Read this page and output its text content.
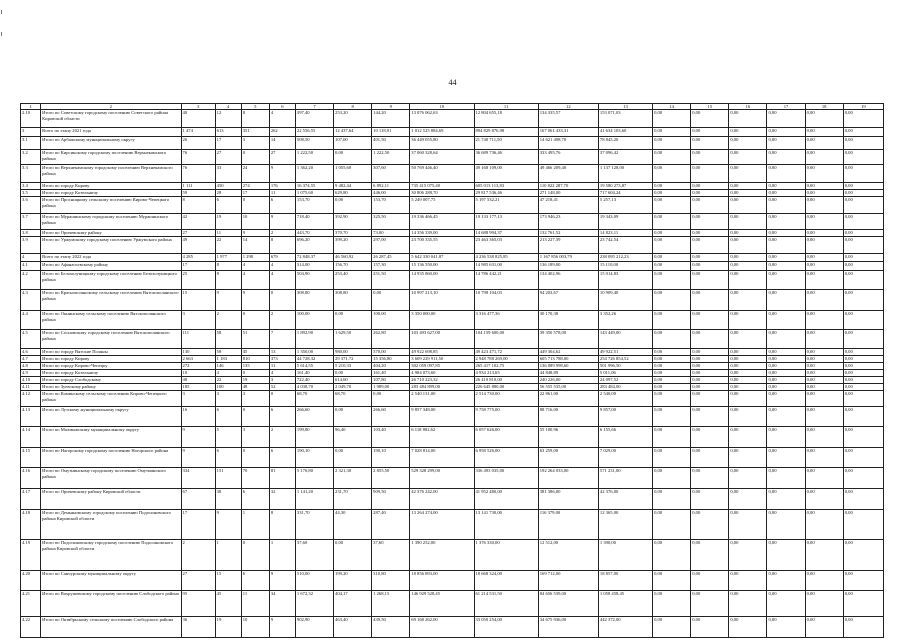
44
1	2	3	4	5	6	7	8	9	10	11	12	13	14	15	16	17	18	19
2.10	Итого по Советскому городскому поселению Советского района Кировской области	40	12	8	4	397,40	253,20	144,20	13 076 062,63	12 804 655,18	134 335,57	153 071,03	0,00	0,00	0,00	0,00	0,00	0,00
3	Всего по этапу 2021 года	1 474	613	351	262	22 556,55	12 437,64	10 118,91	1 012 525 884,69	894 829 876,98	167 061 433,31	41 634 103,60	0,00	0,00	0,00	0,00	0,00	0,00
3.1	Итого по Арбажскому муниципальному округу	26	17	3	14	508,50	107,00	401,50	36 449 055,80	21 740 711,50	14 621 498,70	78 845,20	0,00	0,00	0,00	0,00	0,00	0,00
3.2	Итого по Кирсинскому городскому поселению Верхнекамского района	76	27	0	27	1 222,50	0,00	1 222,50	37 060 328,64	36 689 736,46	333 495,76	37 096,42	0,00	0,00	0,00	0,00	0,00	0,00
3.3	Итого по Верхнекамскому городскому поселению Верхнекамского района	76	33	24	9	1 362,20	1 055,60	307,60	50 769 446,40	49 168 109,00	49 466 209,40	1 137 128,00	0,00	0,00	0,00	0,00	0,00	0,00
3.4	Итого по городу Кирову	1 111	450	274	176	16 374,55	9 482,44	6 892,11	735 415 075,40	605 013 113,83	110 822 287,70	19 580 273,87	0,00	0,00	0,00	0,00	0,00	0,00
3.5	Итого по городу Котельничу	59	28	17	11	1 075,60	629,80	446,00	30 806 288,70	29 817 536,46	271 148,00	717 604,24	0,00	0,00	0,00	0,00	0,00	0,00
3.6	Итого по Просницкому сельскому поселению Кирово-Чепецкого района	8	6	0	6	153,70	0,00	153,70	5 249 007,75	5 197 532,21	47 218,41	5 257,13	0,00	0,00	0,00	0,00	0,00	0,00
3.7	Итого по Мурашинскому городскому поселению Мурашинского района	42	19	10	9	718,40	392,90	325,50	19 336 466,45	19 133 177,13	173 946,23	19 343,09	0,00	0,00	0,00	0,00	0,00	0,00
3.8	Итого по Оричевскому району	27	11	9	2	443,70	370,70	73,00	14 356 339,00	14 688 994,37	132 761,52	14 823,11	0,00	0,00	0,00	0,00	0,00	0,00
3.9	Итого по Уржумскому городскому поселению Уржумского района	49	22	14	8	696,20	399,20	297,00	23 700 335,55	23 463 365,03	213 227,39	23 742,54	0,00	0,00	0,00	0,00	0,00	0,00
4	Всего по этапу 2022 года	4 285	1 977	1 298	679	72 848,37	46 560,92	26 287,45	5 642 330 041,87	4 236 538 825,85	1 167 856 003,79	238 095 212,23	0,00	0,00	0,00	0,00	0,00	0,00
4.1	Итого по Афанасьевскому району	17	8	4	4	314,00	156,70	157,30	15 136 550,00	14 985 631,00	136 189,00	15 110,00	0,00	0,00	0,00	0,00	0,00	0,00
4.2	Итого по Белохолуницкому городскому поселению Белохолуницкого района	25	8	4	4	504,90	253,40	251,50	14 935 860,00	14 786 442,21	134 402,96	15 014,83	0,00	0,00	0,00	0,00	0,00	0,00
4.3	Итого по Краснополянскому сельскому поселению Вятскополянского района	15	9	9	0	308,80	308,80	0,00	10 997 213,10	10 798 104,03	94 203,67	10 909,40	0,00	0,00	0,00	0,00	0,00	0,00
4.4	Итого по Окнинскому сельскому поселению Вятскополянского района	3	2	0	2	100,00	0,00	100,00	3 350 000,00	3 316 477,36	30 170,38	3 352,26	0,00	0,00	0,00	0,00	0,00	0,00
4.5	Итого по Сосновскому городскому поселению Вятскополянского района	111	58	51	7	1 892,90	1 629,50	262,80	103 493 627,00	104 159 600,00	39 350 578,00	143 449,00	0,00	0,00	0,00	0,00	0,00	0,00
4.6	Итого по городу Вятские Поляны	130	58	45	13	1 350,00	980,00	370,00	49 922 698,85	49 423 471,72	449 304,62	49 922,51	0,00	0,00	0,00	0,00	0,00	0,00
4.7	Итого по городу Кирову	2 663	1 183	810	373	44 728,32	29 371,72	15 356,80	3 609 229 911,50	2 948 788 269,00	605 713 788,00	254 726 854,52	0,00	0,00	0,00	0,00	0,00	0,00
4.8	Итого по городу Кирово-Чепецку	272	146	135	11	5 614,55	5 210,33	404,20	302 059 097,85	265 417 102,75	136 089 998,60	501 996,50	0,00	0,00	0,00	0,00	0,00	0,00
4.9	Итого по городу Котельничу	10	4	0	4	161,40	0,00	161,40	4 984 073,60	4 934 213,65	44 848,89	5 011,06	0,00	0,00	0,00	0,00	0,00	0,00
4.10	Итого по городу Слободскому	48	22	19	3	722,40	614,60	107,80	26 710 223,32	26 410 810,00	240 226,00	24 097,52	0,00	0,00	0,00	0,00	0,00	0,00
4.11	Итого по Зуевскому району	185	100	48	52	4 038,70	2 049,70	1 989,00	283 484 899,00	226 645 880,00	56 555 535,00	283 484,00	0,00	0,00	0,00	0,00	0,00	0,00
4.12	Итого по Коминскому сельскому поселению Кирово-Чепецкого района	3	3	3	0	68,70	68,70	0,00	2 540 131,00	2 514 730,00	22 861,00	2 540,00	0,00	0,00	0,00	0,00	0,00	0,00
4.13	Итого по Лузскому муниципальному округу	16	6	0	6	266,60	0,00	266,60	9 857 348,00	9 758 775,00	88 716,00	9 857,00	0,00	0,00	0,00	0,00	0,00	0,00
4.14	Итого по Малмыжскому муниципальному округу	9	5	3	2	199,80	96,40	103,40	6 118 882,62	6 057 626,00	55 100,96	6 155,66	0,00	0,00	0,00	0,00	0,00	0,00
4.15	Итого по Нагорскому городскому поселению Нагорского района	9	6	0	6	190,10	0,00	190,10	7 028 814,00	6 958 526,00	63 259,00	7 029,00	0,00	0,00	0,00	0,00	0,00	0,00
4.16	Итого по Омутнинскому городскому поселению Омутнинского района	334	151	70	81	5 176,80	2 321,30	2 855,50	529 328 299,00	336 493 035,00	192 264 033,00	571 231,00	0,00	0,00	0,00	0,00	0,00	0,00
4.17	Итого по Оричевскому району Кировской области	67	38	6	32	1 141,20	231,70	909,50	42 376 242,00	41 952 480,00	381 386,00	42 376,00	0,00	0,00	0,00	0,00	0,00	0,00
4.18	Итого по Демьяновскому городскому поселению Подосиновского района Кировской области	17	9	1	8	331,70	44,30	287,40	13 264 274,00	13 141 730,00	116 379,00	12 365,00	0,00	0,00	0,00	0,00	0,00	0,00
4.19	Итого по Подосиновскому городскому поселению Подосиновского района Кировской области	2	1	0	1	37,60	0,00	37,60	1 390 252,00	1 376 330,00	12 512,00	1 390,00	0,00	0,00	0,00	0,00	0,00	0,00
4.20	Итого по Санчурскому муниципальному округу	27	15	6	9	510,00	199,20	310,80	18 856 893,00	18 668 324,00	169 712,00	18 857,00	0,00	0,00	0,00	0,00	0,00	0,00
4.21	Итого по Вахрушевскому городскому поселению Слободского района	95	45	11	34	1 672,32	404,17	1 268,15	146 929 528,45	61 214 531,50	84 656 539,00	1 058 458,45	0,00	0,00	0,00	0,00	0,00	0,00
4.22	Итого по Октябрьскому сельскому поселению Слободского района	36	19	10	9	902,90	463,40	439,50	69 168 262,00	33 050 254,00	34 675 936,00	442 372,00	0,00	0,00	0,00	0,00	0,00	0,00
